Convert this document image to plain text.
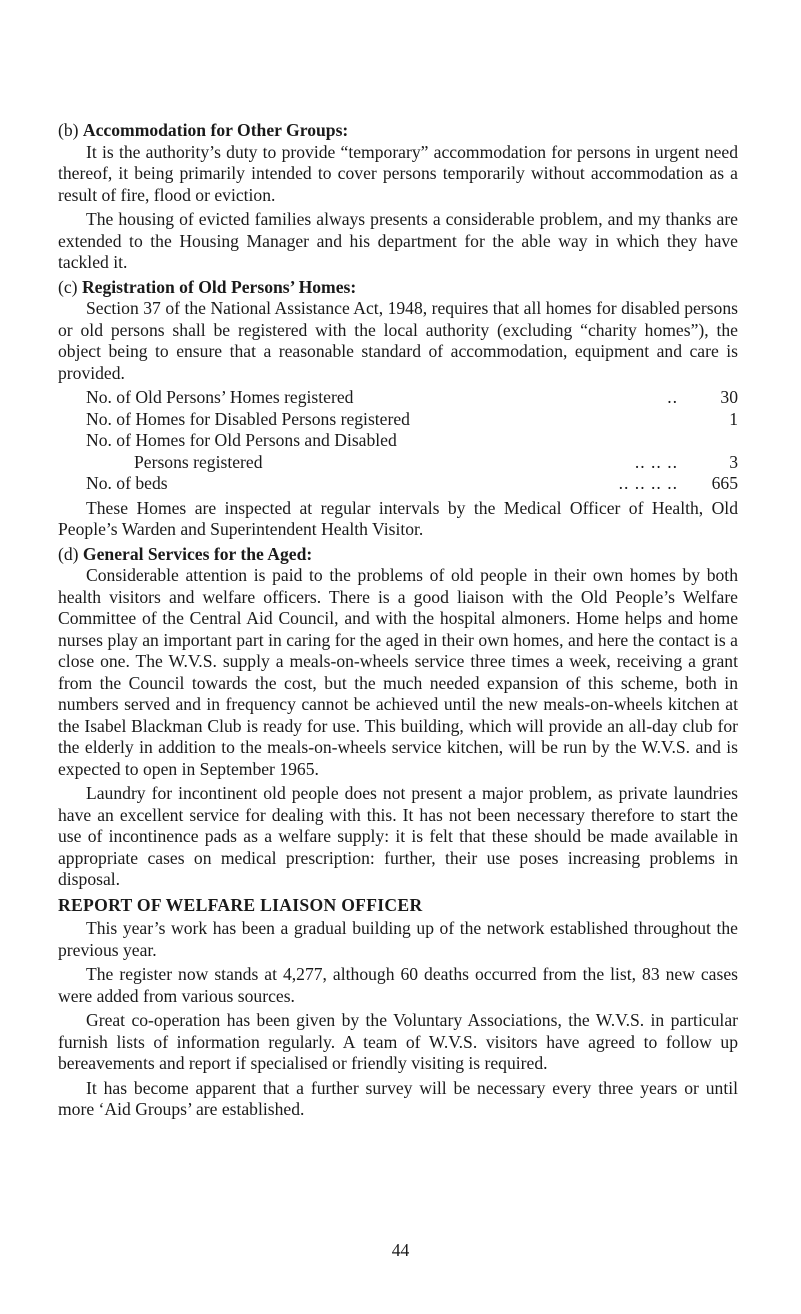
(b) Accommodation for Other Groups:

It is the authority’s duty to provide “temporary” accommodation for persons in urgent need thereof, it being primarily intended to cover persons temporarily without accommodation as a result of fire, flood or eviction.

The housing of evicted families always presents a considerable problem, and my thanks are extended to the Housing Manager and his department for the able way in which they have tackled it.

(c) Registration of Old Persons’ Homes:

Section 37 of the National Assistance Act, 1948, requires that all homes for disabled persons or old persons shall be registered with the local authority (excluding “charity homes”), the object being to ensure that a reasonable standard of accommodation, equipment and care is provided.

No. of Old Persons’ Homes registered	..	30
No. of Homes for Disabled Persons registered	1
No. of Homes for Old Persons and Disabled
Persons registered	.. .. ..	3
No. of beds	.. .. .. ..	665

These Homes are inspected at regular intervals by the Medical Officer of Health, Old People’s Warden and Superintendent Health Visitor.

(d) General Services for the Aged:

Considerable attention is paid to the problems of old people in their own homes by both health visitors and welfare officers. There is a good liaison with the Old People’s Welfare Committee of the Central Aid Council, and with the hospital almoners. Home helps and home nurses play an important part in caring for the aged in their own homes, and here the contact is a close one. The W.V.S. supply a meals-on-wheels service three times a week, receiving a grant from the Council towards the cost, but the much needed expansion of this scheme, both in numbers served and in frequency cannot be achieved until the new meals-on-wheels kitchen at the Isabel Blackman Club is ready for use. This building, which will provide an all-day club for the elderly in addition to the meals-on-wheels service kitchen, will be run by the W.V.S. and is expected to open in September 1965.

Laundry for incontinent old people does not present a major problem, as private laundries have an excellent service for dealing with this. It has not been necessary therefore to start the use of incontinence pads as a welfare supply: it is felt that these should be made available in appropriate cases on medical prescription: further, their use poses increasing problems in disposal.

REPORT OF WELFARE LIAISON OFFICER

This year’s work has been a gradual building up of the network established throughout the previous year.

The register now stands at 4,277, although 60 deaths occurred from the list, 83 new cases were added from various sources.

Great co-operation has been given by the Voluntary Associations, the W.V.S. in particular furnish lists of information regularly. A team of W.V.S. visitors have agreed to follow up bereavements and report if specialised or friendly visiting is required.

It has become apparent that a further survey will be necessary every three years or until more ‘Aid Groups’ are established.

44
